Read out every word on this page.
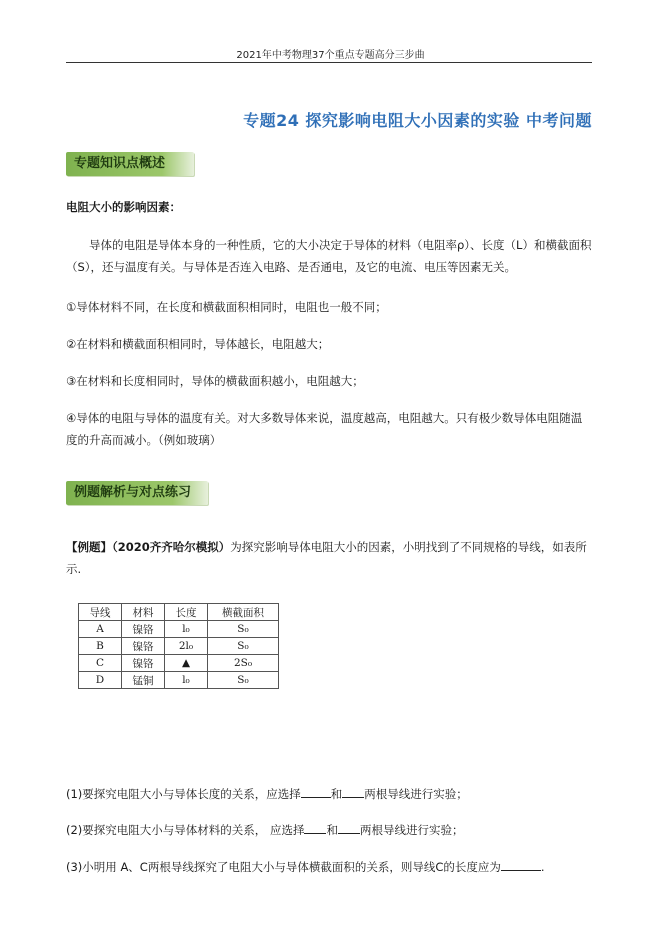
2021年中考物理37个重点专题高分三步曲
专题24 探究影响电阻大小因素的实验 中考问题
专题知识点概述
电阻大小的影响因素：
导体的电阻是导体本身的一种性质，它的大小决定于导体的材料（电阻率ρ）、长度（L）和横截面积（S），还与温度有关。与导体是否连入电路、是否通电，及它的电流、电压等因素无关。
①导体材料不同，在长度和横截面积相同时，电阻也一般不同；
②在材料和横截面积相同时，导体越长，电阻越大；
③在材料和长度相同时，导体的横截面积越小，电阻越大；
④导体的电阻与导体的温度有关。对大多数导体来说，温度越高，电阻越大。只有极少数导体电阻随温度的升高而减小。（例如玻璃）
例题解析与对点练习
【例题】（2020齐齐哈尔模拟）为探究影响导体电阻大小的因素，小明找到了不同规格的导线，如表所示.
导线	材料	长度	横截面积
A	镍铬	l₀	S₀
B	镍铬	2l₀	S₀
C	镍铬	▲	2S₀
D	锰铜	l₀	S₀
(1)要探究电阻大小与导体长度的关系，应选择	和 两根导线进行实验；
(2)要探究电阻大小与导体材料的关系， 应选择 和 两根导线进行实验；
(3)小明用 A、C两根导线探究了电阻大小与导体横截面积的关系，则导线C的长度应为	.
